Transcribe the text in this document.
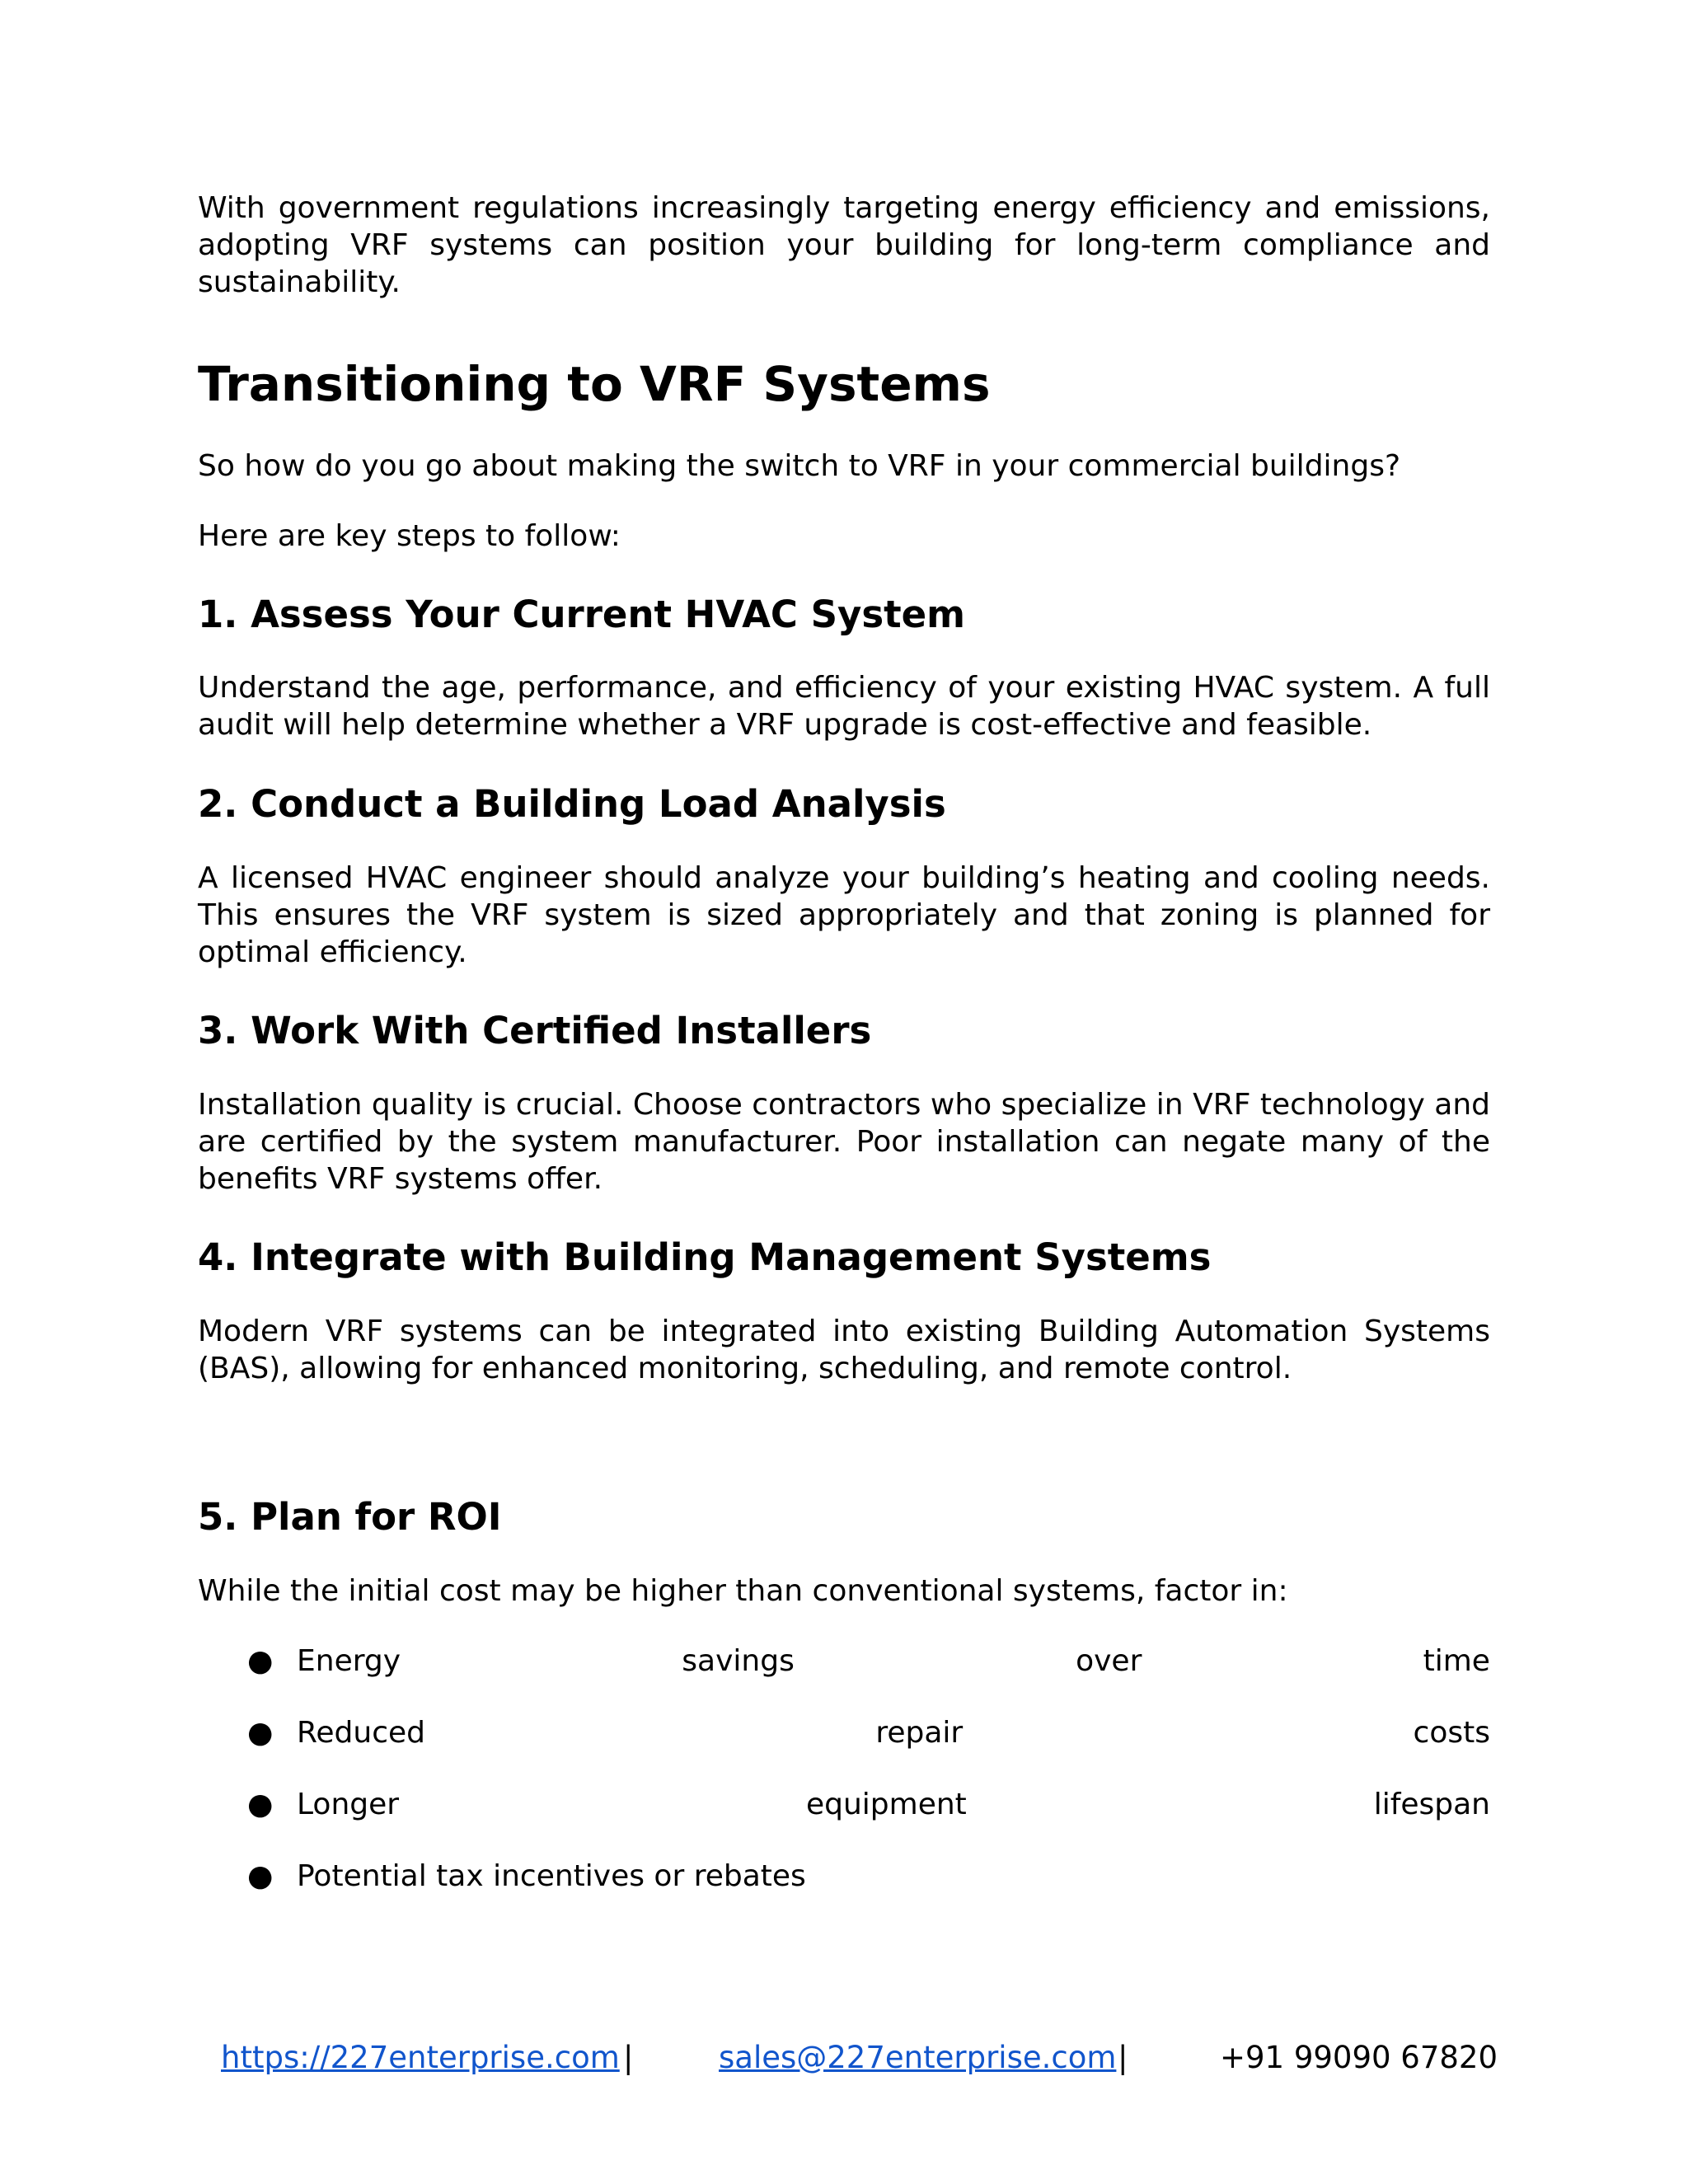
With government regulations increasingly targeting energy efficiency and emissions, adopting VRF systems can position your building for long-term compliance and sustainability.

Transitioning to VRF Systems

So how do you go about making the switch to VRF in your commercial buildings?

Here are key steps to follow:

1. Assess Your Current HVAC System

Understand the age, performance, and efficiency of your existing HVAC system. A full audit will help determine whether a VRF upgrade is cost-effective and feasible.

2. Conduct a Building Load Analysis

A licensed HVAC engineer should analyze your building’s heating and cooling needs. This ensures the VRF system is sized appropriately and that zoning is planned for optimal efficiency.

3. Work With Certified Installers

Installation quality is crucial. Choose contractors who specialize in VRF technology and are certified by the system manufacturer. Poor installation can negate many of the benefits VRF systems offer.

4. Integrate with Building Management Systems

Modern VRF systems can be integrated into existing Building Automation Systems (BAS), allowing for enhanced monitoring, scheduling, and remote control.

5. Plan for ROI

While the initial cost may be higher than conventional systems, factor in:

● Energy	savings	over	time
● Reduced	repair	costs
● Longer	equipment	lifespan
● Potential tax incentives or rebates
https://227enterprise.com |	sales@227enterprise.com |	+91 99090 67820
